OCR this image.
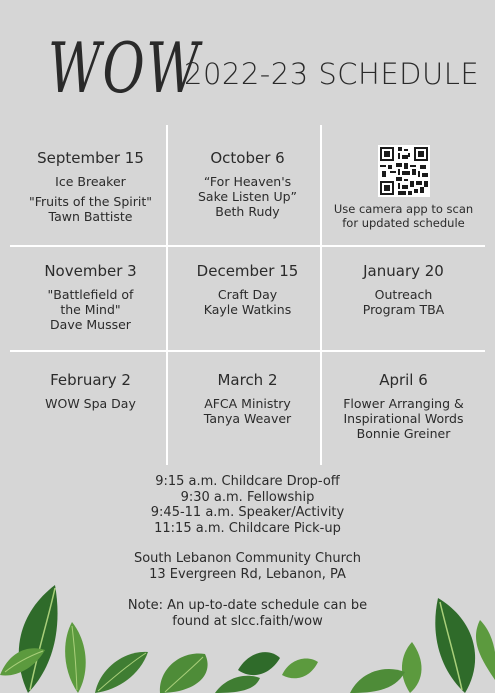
WOW
2022-23 SCHEDULE
September 15
Ice Breaker
"Fruits of the Spirit"
Tawn Battiste
October 6
“For Heaven's
Sake Listen Up”
Beth Rudy	Use camera app to scan
for updated schedule
November 3
"Battlefield of
the Mind"
Dave Musser
December 15
Craft Day
Kayle Watkins
January 20
Outreach
Program TBA
February 2
WOW Spa Day
March 2
AFCA Ministry
Tanya Weaver
April 6
Flower Arranging &
Inspirational Words
Bonnie Greiner
9:15 a.m. Childcare Drop-off
9:30 a.m. Fellowship
9:45-11 a.m. Speaker/Activity
11:15 a.m. Childcare Pick-up
South Lebanon Community Church
13 Evergreen Rd, Lebanon, PA
Note: An up-to-date schedule can be
found at slcc.faith/wow
